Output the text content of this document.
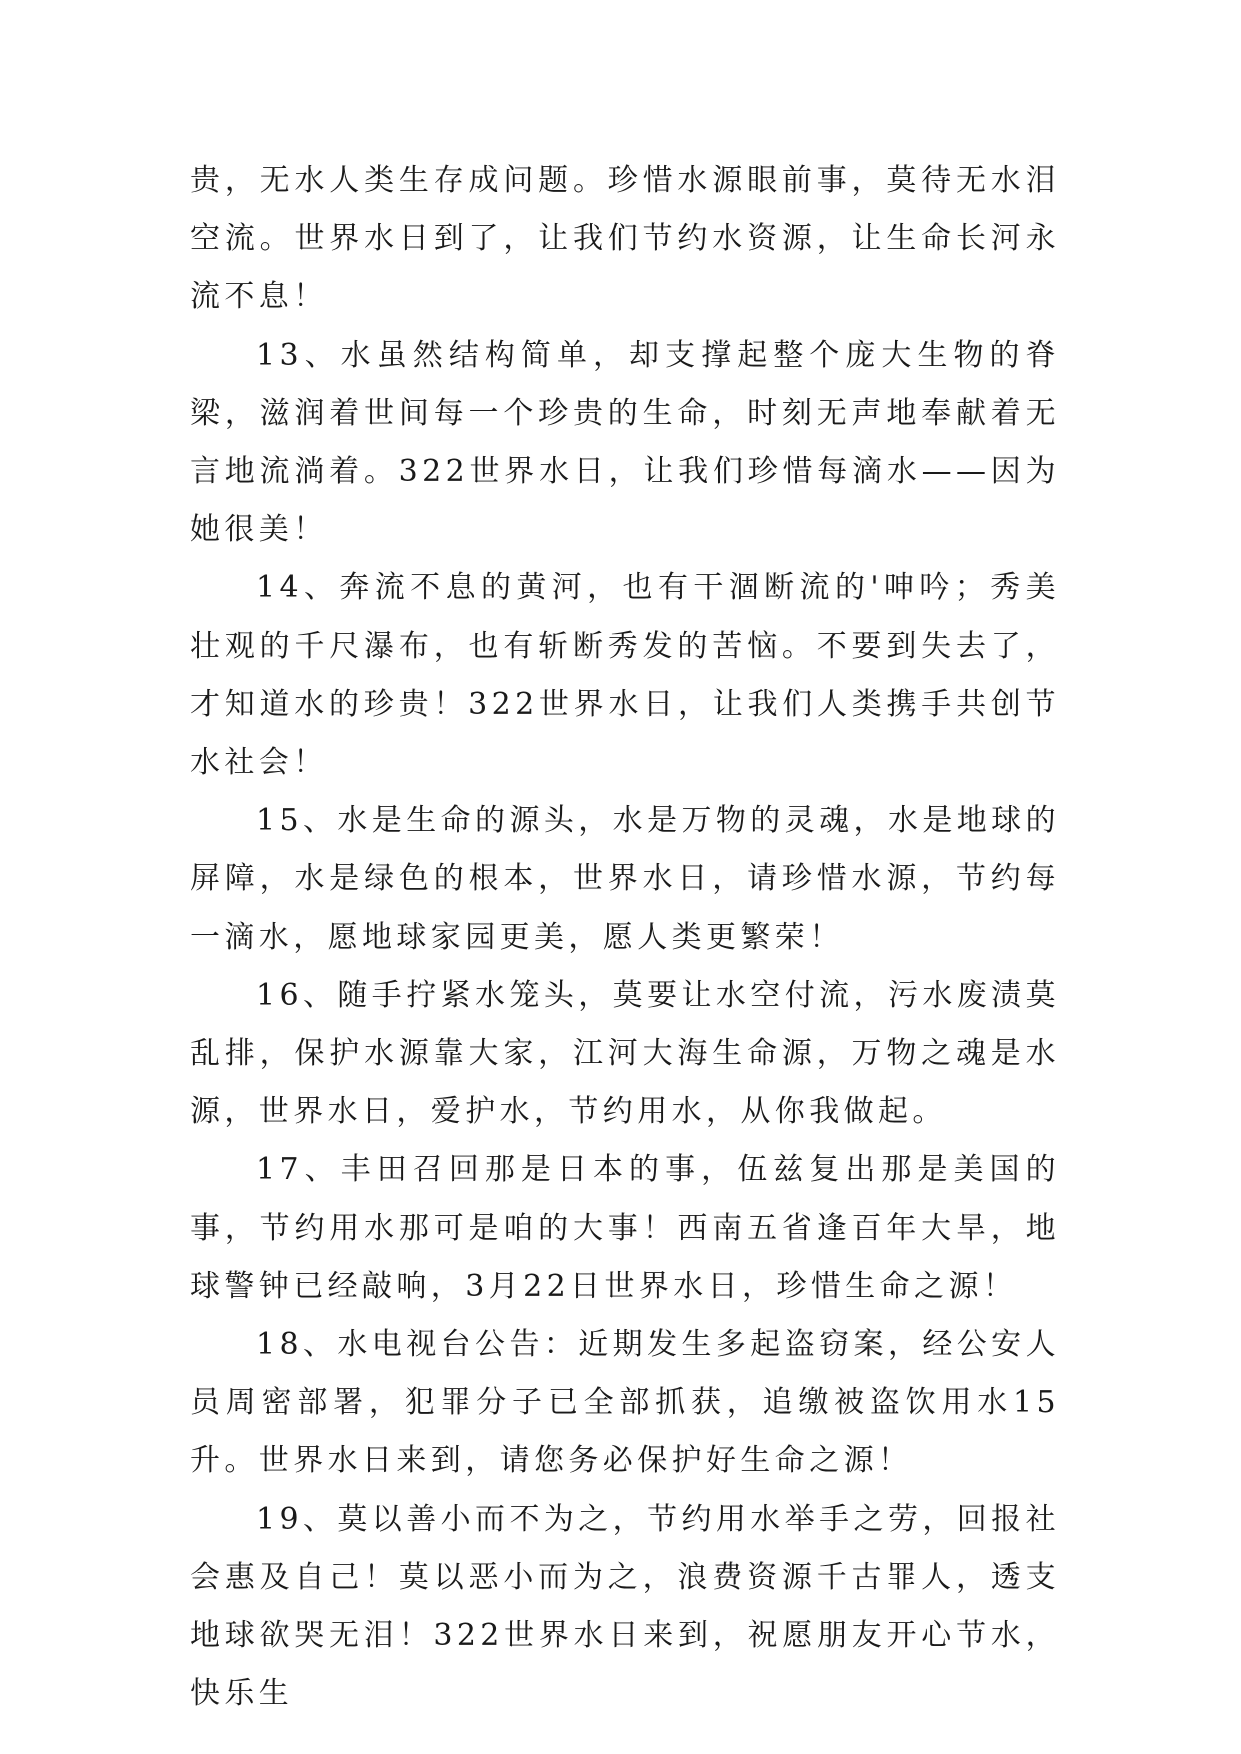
贵，无水人类生存成问题。珍惜水源眼前事，莫待无水泪空流。世界水日到了，让我们节约水资源，让生命长河永流不息！

13、水虽然结构简单，却支撑起整个庞大生物的脊梁，滋润着世间每一个珍贵的生命，时刻无声地奉献着无言地流淌着。322世界水日，让我们珍惜每滴水——因为她很美！

14、奔流不息的黄河，也有干涸断流的'呻吟；秀美壮观的千尺瀑布，也有斩断秀发的苦恼。不要到失去了，才知道水的珍贵！322世界水日，让我们人类携手共创节水社会！

15、水是生命的源头，水是万物的灵魂，水是地球的屏障，水是绿色的根本，世界水日，请珍惜水源，节约每一滴水，愿地球家园更美，愿人类更繁荣！

16、随手拧紧水笼头，莫要让水空付流，污水废渍莫乱排，保护水源靠大家，江河大海生命源，万物之魂是水源，世界水日，爱护水，节约用水，从你我做起。

17、丰田召回那是日本的事，伍兹复出那是美国的事，节约用水那可是咱的大事！西南五省逢百年大旱，地球警钟已经敲响，3月22日世界水日，珍惜生命之源！

18、水电视台公告：近期发生多起盗窃案，经公安人员周密部署，犯罪分子已全部抓获，追缴被盗饮用水15升。世界水日来到，请您务必保护好生命之源！

19、莫以善小而不为之，节约用水举手之劳，回报社会惠及自己！莫以恶小而为之，浪费资源千古罪人，透支地球欲哭无泪！322世界水日来到，祝愿朋友开心节水，快乐生
